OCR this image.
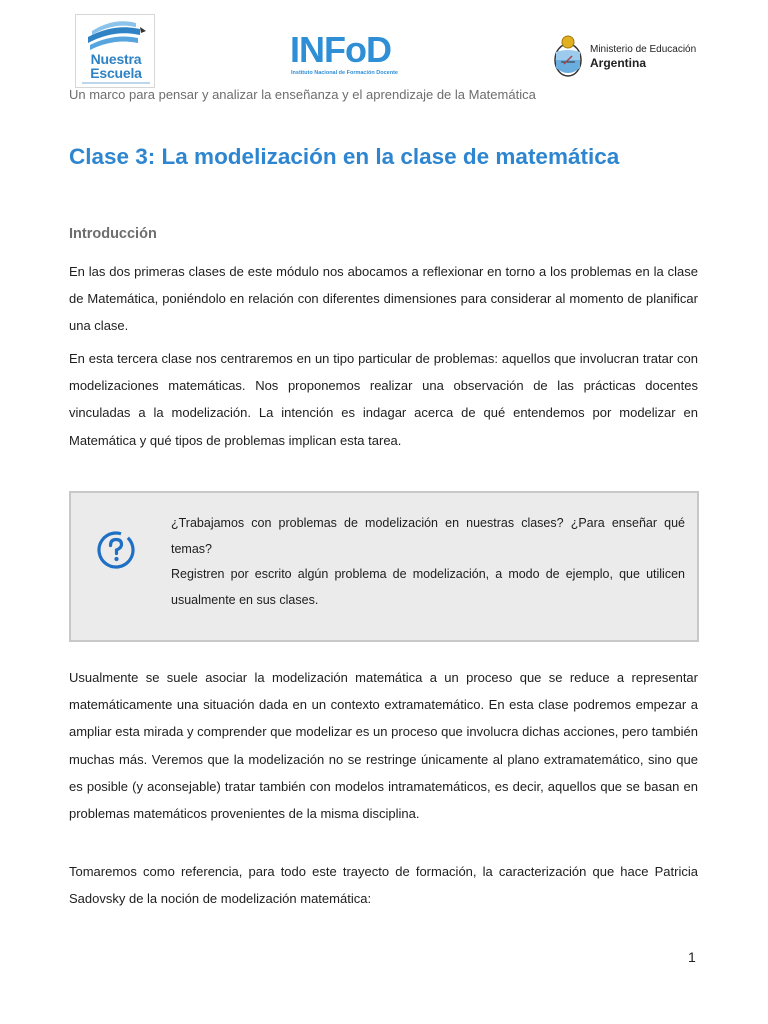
Nuestra
Escuela
INFoD
Instituto Nacional de Formación Docente
Ministerio de Educación
Argentina
Un marco para pensar y analizar la enseñanza y el aprendizaje de la Matemática
Clase 3: La modelización en la clase de matemática
Introducción

En las dos primeras clases de este módulo nos abocamos a reflexionar en torno a los problemas en la clase de Matemática, poniéndolo en relación con diferentes dimensiones para considerar al momento de planificar una clase.

En esta tercera clase nos centraremos en un tipo particular de problemas: aquellos que involucran tratar con modelizaciones matemáticas. Nos proponemos realizar una observación de las prácticas docentes vinculadas a la modelización. La intención es indagar acerca de qué entendemos por modelizar en Matemática y qué tipos de problemas implican esta tarea.

¿Trabajamos con problemas de modelización en nuestras clases? ¿Para enseñar qué temas?
Registren por escrito algún problema de modelización, a modo de ejemplo, que utilicen usualmente en sus clases.

Usualmente se suele asociar la modelización matemática a un proceso que se reduce a representar matemáticamente una situación dada en un contexto extramatemático. En esta clase podremos empezar a ampliar esta mirada y comprender que modelizar es un proceso que involucra dichas acciones, pero también muchas más. Veremos que la modelización no se restringe únicamente al plano extramatemático, sino que es posible (y aconsejable) tratar también con modelos intramatemáticos, es decir, aquellos que se basan en problemas matemáticos provenientes de la misma disciplina.

Tomaremos como referencia, para todo este trayecto de formación, la caracterización que hace Patricia Sadovsky de la noción de modelización matemática:

1
